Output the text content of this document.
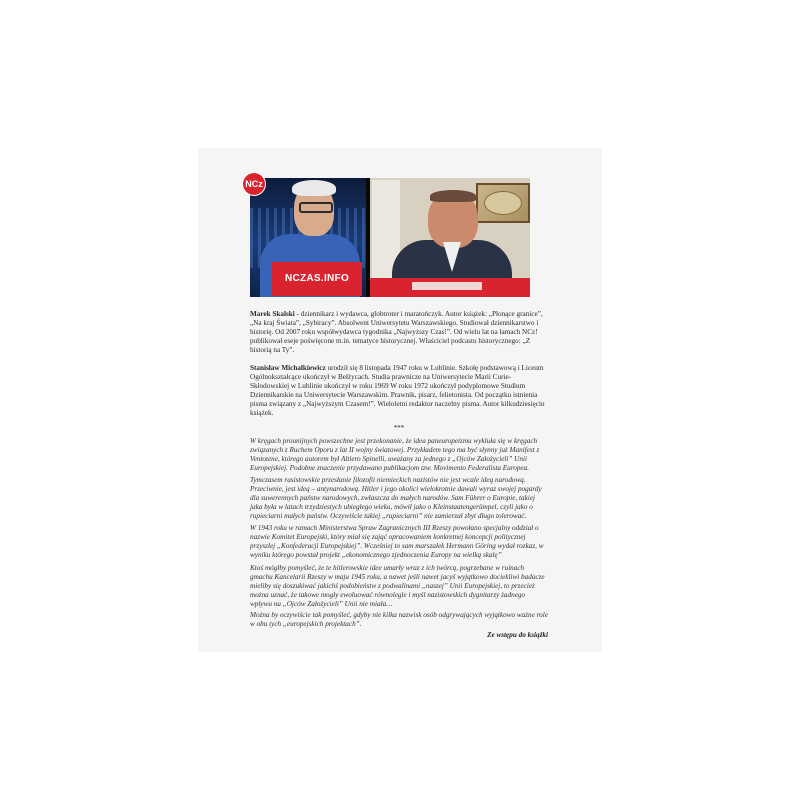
NCz
NCZAS.INFO

Marek Skalski - dziennikarz i wydawca, globtroter i maratończyk. Autor książek: „Płonące granice”, „Na kraj Świata”, „Sybiracy”. Absolwent Uniwersytetu Warszawskiego. Studiował dziennikarstwo i historię. Od 2007 roku współwydawca tygodnika „Najwyższy Czas!”. Od wielu lat na łamach NCz! publikował eseje poświęcone m.in. tematyce historycznej. Właściciel podcastu historycznego: „Z historią na Ty”.

Stanisław Michalkiewicz urodził się 8 listopada 1947 roku w Lublinie. Szkołę podstawową i Liceum Ogólnokształcące ukończył w Bełżycach. Studia prawnicze na Uniwersytecie Marii Curie-Skłodowskiej w Lublinie ukończył w roku 1969 W roku 1972 ukończył podyplomowe Studium Dziennikarskie na Uniwersytecie Warszawskim. Prawnik, pisarz, felietonista. Od początku istnienia pisma związany z „Najwyższym Czasem!”. Wieloletni redaktor naczelny pisma. Autor kilkudziesięciu książek.

***

W kręgach prounijnych powszechne jest przekonanie, że idea paneuropeizmu wykluła się w kręgach związanych z Ruchem Oporu z lat II wojny światowej. Przykładem tego ma być słynny już Manifest z Ventotene, którego autorem był Altiero Spinelli, uważany za jednego z „Ojców Założycieli” Unii Europejskiej. Podobne znaczenie przydawano publikacjom tzw. Movimento Federalista Europea.

Tymczasem rasistowskie przesłanie filozofii niemieckich nazistów nie jest wcale ideą narodową. Przeciwnie, jest ideą – antynarodową. Hitler i jego okolici wielokrotnie dawali wyraz swojej pogardy dla suwerennych państw narodowych, zwłaszcza do małych narodów. Sam Führer o Europie, takiej jaka była w latach trzydziestych ubiegłego wieku, mówił jako o Kleinstaatengerümpel, czyli jako o rupieciarni małych państw. Oczywiście takiej „rupieciarni” nie zamierzał zbyt długo tolerować.

W 1943 roku w ramach Ministerstwa Spraw Zagranicznych III Rzeszy powołano specjalny oddział o nazwie Komitet Europejski, który miał się zająć opracowaniem konkretnej koncepcji politycznej przyszłej „Konfederacji Europejskiej”. Wcześniej to sam marszałek Hermann Göring wydał rozkaz, w wyniku którego powstał projekt „ekonomicznego zjednoczenia Europy na wielką skalę”

Ktoś mógłby pomyśleć, że te hitlerowskie idee umarły wraz z ich twórcą, pogrzebane w ruinach gmachu Kancelarii Rzeszy w maju 1945 roku, a nawet jeśli nawet jacyś wyjątkowo dociekliwi badacze mieliby się doszukiwać jakichś podobieństw z podwalinami „naszej” Unii Europejskiej, to przecież można uznać, że takowe mogły ewoluować równolegle i myśl nazistowskich dygnitarzy żadnego wpływu na „Ojców Założycieli” Unii nie miała…

Można by oczywiście tak pomyśleć, gdyby nie kilka nazwisk osób odgrywających wyjątkowo ważne role w obu tych „europejskich projektach”.

Ze wstępu do książki
